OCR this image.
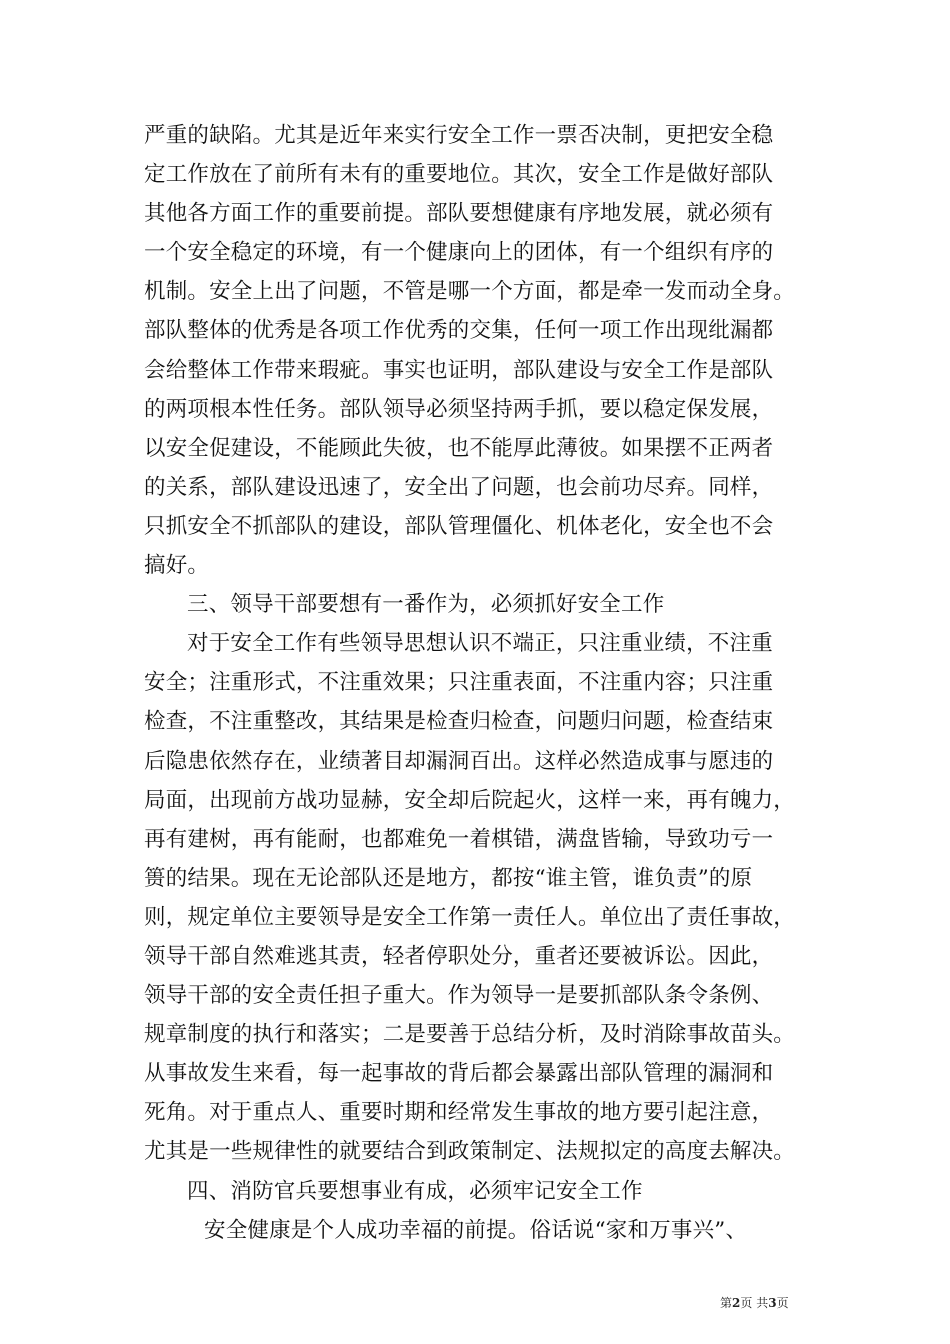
严重的缺陷。尤其是近年来实行安全工作一票否决制，更把安全稳
定工作放在了前所有未有的重要地位。其次，安全工作是做好部队
其他各方面工作的重要前提。部队要想健康有序地发展，就必须有
一个安全稳定的环境，有一个健康向上的团体，有一个组织有序的
机制。安全上出了问题，不管是哪一个方面，都是牵一发而动全身。
部队整体的优秀是各项工作优秀的交集，任何一项工作出现纰漏都
会给整体工作带来瑕疵。事实也证明，部队建设与安全工作是部队
的两项根本性任务。部队领导必须坚持两手抓，要以稳定保发展，
以安全促建设，不能顾此失彼，也不能厚此薄彼。如果摆不正两者
的关系，部队建设迅速了，安全出了问题，也会前功尽弃。同样，
只抓安全不抓部队的建设，部队管理僵化、机体老化，安全也不会
搞好。
三、领导干部要想有一番作为，必须抓好安全工作
对于安全工作有些领导思想认识不端正，只注重业绩，不注重
安全；注重形式，不注重效果；只注重表面，不注重内容；只注重
检查，不注重整改，其结果是检查归检查，问题归问题，检查结束
后隐患依然存在，业绩著目却漏洞百出。这样必然造成事与愿违的
局面，出现前方战功显赫，安全却后院起火，这样一来，再有魄力，
再有建树，再有能耐，也都难免一着棋错，满盘皆输，导致功亏一
篑的结果。现在无论部队还是地方，都按“谁主管，谁负责”的原
则，规定单位主要领导是安全工作第一责任人。单位出了责任事故，
领导干部自然难逃其责，轻者停职处分，重者还要被诉讼。因此，
领导干部的安全责任担子重大。作为领导一是要抓部队条令条例、
规章制度的执行和落实；二是要善于总结分析，及时消除事故苗头。
从事故发生来看，每一起事故的背后都会暴露出部队管理的漏洞和
死角。对于重点人、重要时期和经常发生事故的地方要引起注意，
尤其是一些规律性的就要结合到政策制定、法规拟定的高度去解决。
四、消防官兵要想事业有成，必须牢记安全工作
安全健康是个人成功幸福的前提。俗话说“家和万事兴”、
第2页 共3页
